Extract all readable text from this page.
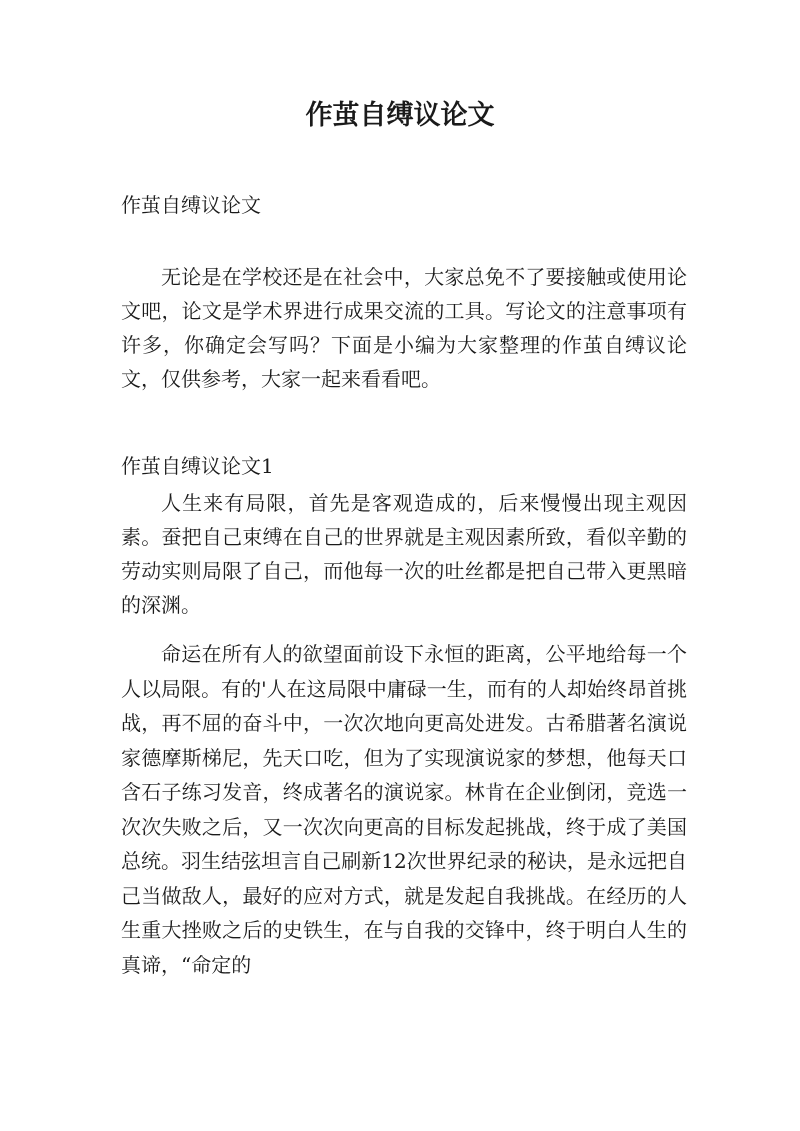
作茧自缚议论文

作茧自缚议论文

无论是在学校还是在社会中，大家总免不了要接触或使用论文吧，论文是学术界进行成果交流的工具。写论文的注意事项有许多，你确定会写吗？下面是小编为大家整理的作茧自缚议论文，仅供参考，大家一起来看看吧。

作茧自缚议论文1

人生来有局限，首先是客观造成的，后来慢慢出现主观因素。蚕把自己束缚在自己的世界就是主观因素所致，看似辛勤的劳动实则局限了自己，而他每一次的吐丝都是把自己带入更黑暗的深渊。

命运在所有人的欲望面前设下永恒的距离，公平地给每一个人以局限。有的'人在这局限中庸碌一生，而有的人却始终昂首挑战，再不屈的奋斗中，一次次地向更高处进发。古希腊著名演说家德摩斯梯尼，先天口吃，但为了实现演说家的梦想，他每天口含石子练习发音，终成著名的演说家。林肯在企业倒闭，竞选一次次失败之后，又一次次向更高的目标发起挑战，终于成了美国总统。羽生结弦坦言自己刷新12次世界纪录的秘诀，是永远把自己当做敌人，最好的应对方式，就是发起自我挑战。在经历的人生重大挫败之后的史铁生，在与自我的交锋中，终于明白人生的真谛，“命定的
